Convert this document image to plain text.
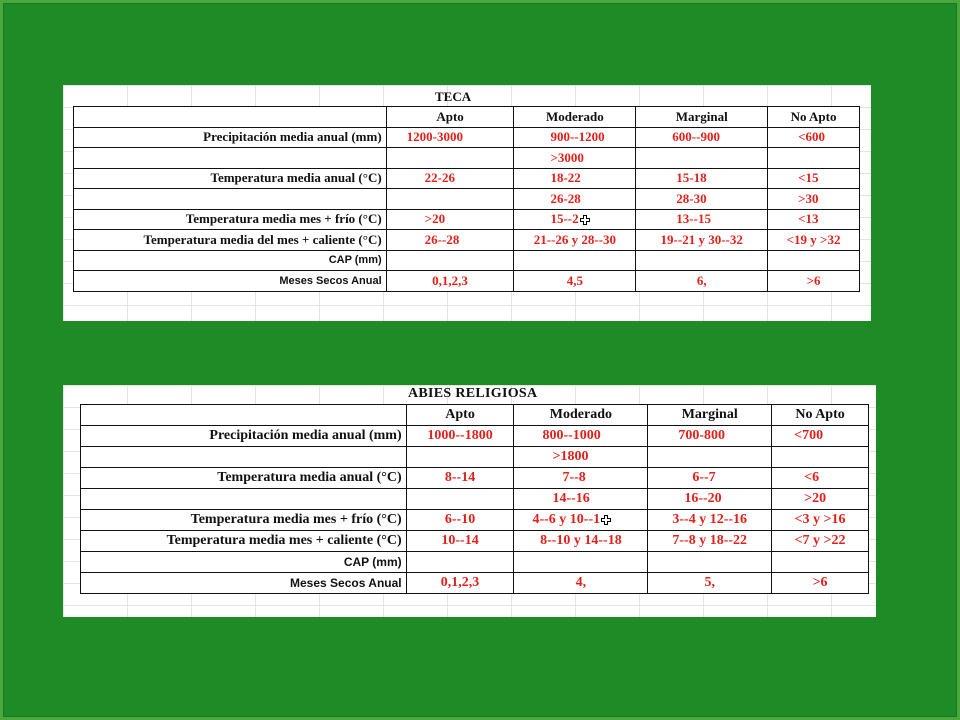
TECA
	Apto	Moderado	Marginal	No Apto
Precipitación media anual (mm)	1200-3000	900--1200	600--900	<600
		>3000		
Temperatura media anual (°C)	22-26	18-22	15-18	<15
		26-28	28-30	>30
Temperatura media mes + frío (°C)	>20	15--2	13--15	<13
Temperatura media del mes + caliente (°C)	26--28	21--26 y 28--30	19--21 y 30--32	<19 y >32
CAP (mm)				
Meses Secos Anual	0,1,2,3	4,5	6,	>6
ABIES RELIGIOSA
	Apto	Moderado	Marginal	No Apto
Precipitación media anual (mm)	1000--1800	800--1000	700-800	<700
		>1800		
Temperatura media anual (°C)	8--14	7--8	6--7	<6
		14--16	16--20	>20
Temperatura media mes + frío (°C)	6--10	4--6 y 10--1	3--4 y 12--16	<3 y >16
Temperatura media mes + caliente (°C)	10--14	8--10 y 14--18	7--8 y 18--22	<7 y >22
CAP (mm)				
Meses Secos Anual	0,1,2,3	4,	5,	>6
